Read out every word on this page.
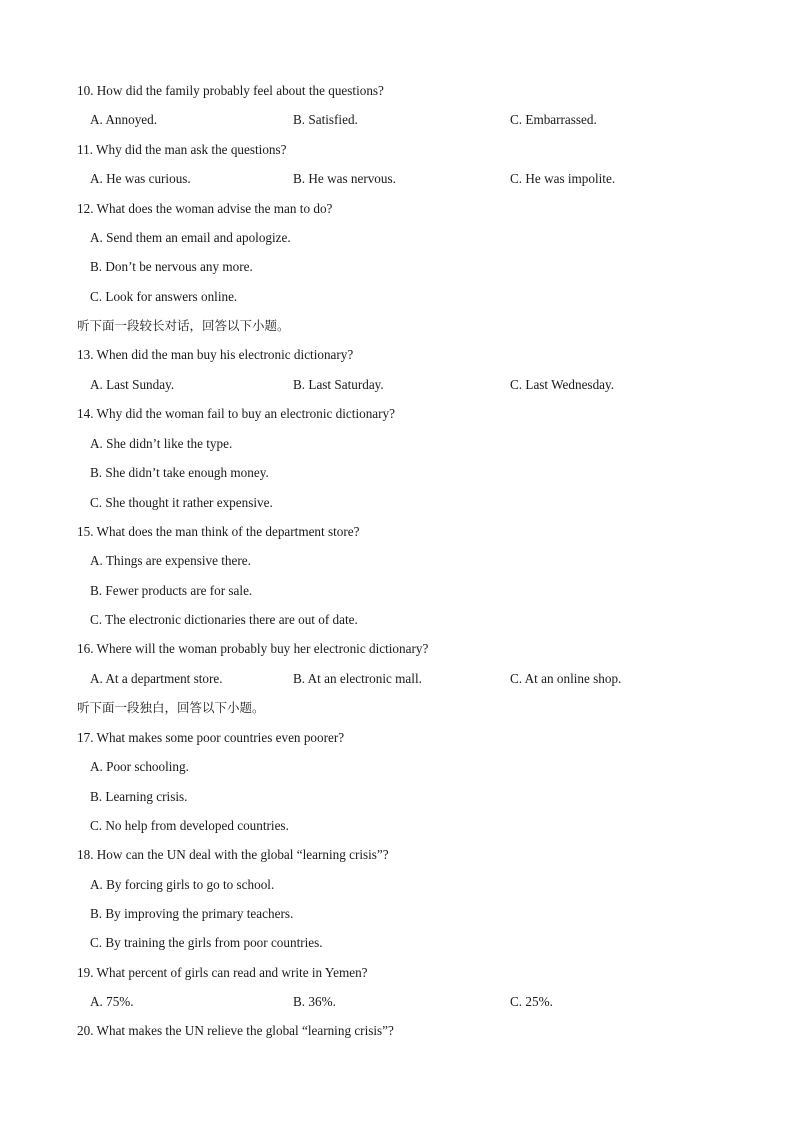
10. How did the family probably feel about the questions?
A. Annoyed.	B. Satisfied.	C. Embarrassed.
11. Why did the man ask the questions?
A. He was curious.	B. He was nervous.	C. He was impolite.
12. What does the woman advise the man to do?
A. Send them an email and apologize.
B. Don’t be nervous any more.
C. Look for answers online.
听下面一段较长对话，回答以下小题。
13. When did the man buy his electronic dictionary?
A. Last Sunday.	B. Last Saturday.	C. Last Wednesday.
14. Why did the woman fail to buy an electronic dictionary?
A. She didn’t like the type.
B. She didn’t take enough money.
C. She thought it rather expensive.
15. What does the man think of the department store?
A. Things are expensive there.
B. Fewer products are for sale.
C. The electronic dictionaries there are out of date.
16. Where will the woman probably buy her electronic dictionary?
A. At a department store.	B. At an electronic mall.	C. At an online shop.
听下面一段独白，回答以下小题。
17. What makes some poor countries even poorer?
A. Poor schooling.
B. Learning crisis.
C. No help from developed countries.
18. How can the UN deal with the global “learning crisis”?
A. By forcing girls to go to school.
B. By improving the primary teachers.
C. By training the girls from poor countries.
19. What percent of girls can read and write in Yemen?
A. 75%.	B. 36%.	C. 25%.
20. What makes the UN relieve the global “learning crisis”?
